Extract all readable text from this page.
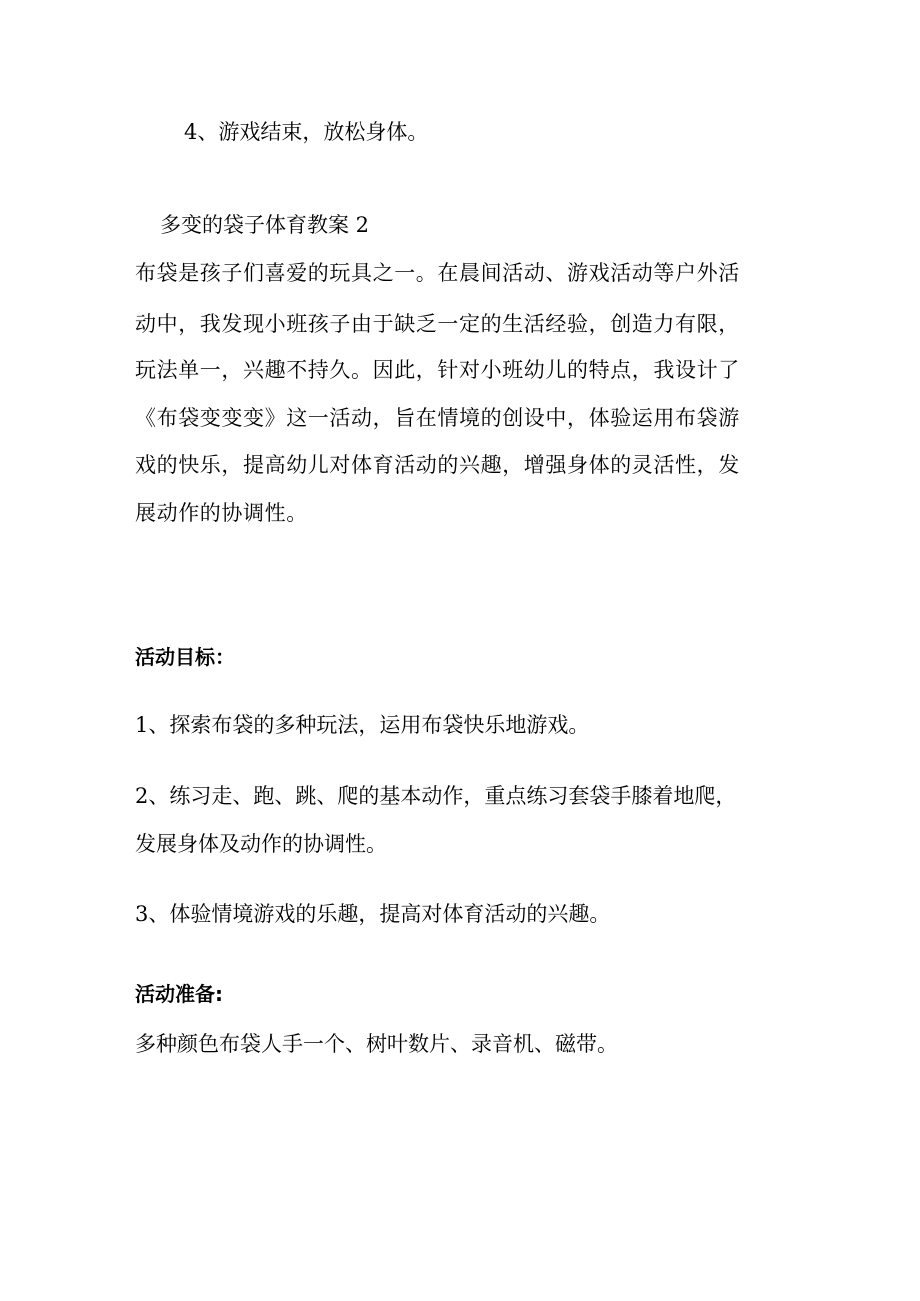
4、游戏结束，放松身体。
多变的袋子体育教案 2
布袋是孩子们喜爱的玩具之一。在晨间活动、游戏活动等户外活
动中，我发现小班孩子由于缺乏一定的生活经验，创造力有限，
玩法单一，兴趣不持久。因此，针对小班幼儿的特点，我设计了
《布袋变变变》这一活动，旨在情境的创设中，体验运用布袋游
戏的快乐，提高幼儿对体育活动的兴趣，增强身体的灵活性，发
展动作的协调性。
活动目标：
1、探索布袋的多种玩法，运用布袋快乐地游戏。
2、练习走、跑、跳、爬的基本动作，重点练习套袋手膝着地爬，
发展身体及动作的协调性。
3、体验情境游戏的乐趣，提高对体育活动的兴趣。
活动准备:
多种颜色布袋人手一个、树叶数片、录音机、磁带。
